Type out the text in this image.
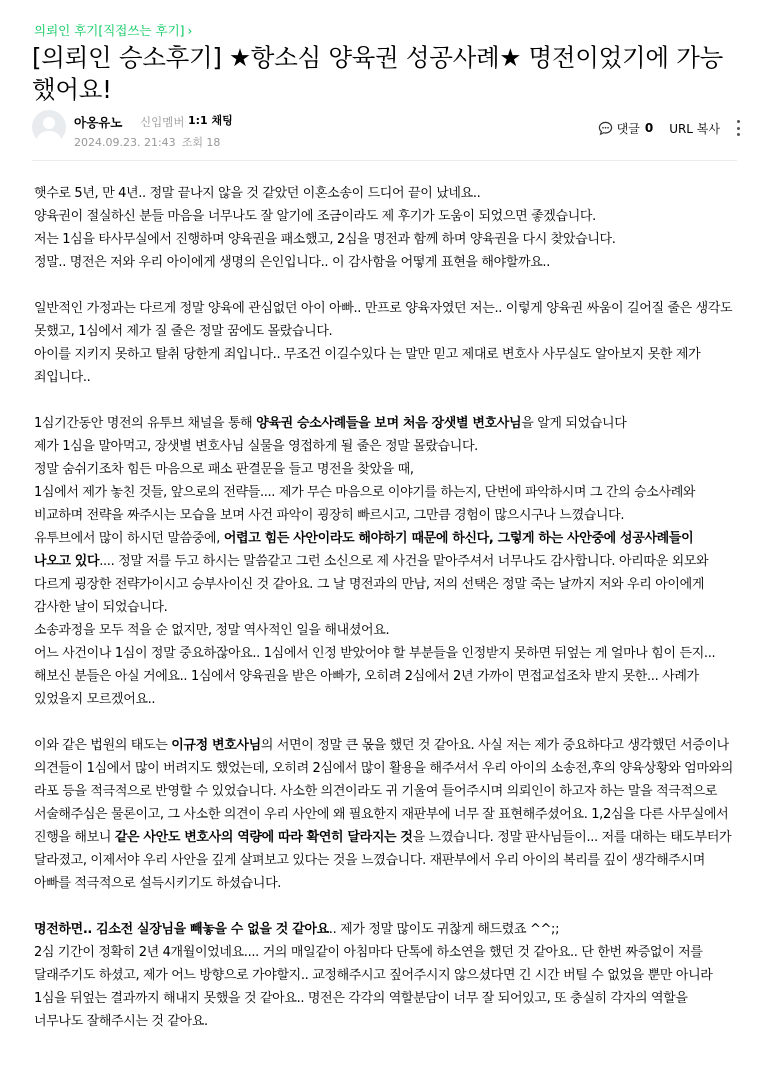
의뢰인 후기[직접쓰는 후기] ›
[의뢰인 승소후기] ★항소심 양육권 성공사례★ 명전이었기에 가능했어요!
아옹유노 신입멤버 1:1 채팅
2024.09.23. 21:43 조회 18
댓글 0 URL 복사

햇수로 5년, 만 4년.. 정말 끝나지 않을 것 같았던 이혼소송이 드디어 끝이 났네요..

양육권이 절실하신 분들 마음을 너무나도 잘 알기에 조금이라도 제 후기가 도움이 되었으면 좋겠습니다.

저는 1심을 타사무실에서 진행하며 양육권을 패소했고, 2심을 명전과 함께 하며 양육권을 다시 찾았습니다.

정말.. 명전은 저와 우리 아이에게 생명의 은인입니다.. 이 감사함을 어떻게 표현을 해야할까요..

일반적인 가정과는 다르게 정말 양육에 관심없던 아이 아빠.. 만프로 양육자였던 저는.. 이렇게 양육권 싸움이 길어질 줄은 생각도 못했고, 1심에서 제가 질 줄은 정말 꿈에도 몰랐습니다.

아이를 지키지 못하고 탈취 당한게 죄입니다.. 무조건 이길수있다 는 말만 믿고 제대로 변호사 사무실도 알아보지 못한 제가 죄입니다..

1심기간동안 명전의 유투브 채널을 통해 양육권 승소사례들을 보며 처음 장샛별 변호사님을 알게 되었습니다

제가 1심을 말아먹고, 장샛별 변호사님 실물을 영접하게 될 줄은 정말 몰랐습니다.

정말 숨쉬기조차 힘든 마음으로 패소 판결문을 들고 명전을 찾았을 때,

1심에서 제가 놓친 것들, 앞으로의 전략들.... 제가 무슨 마음으로 이야기를 하는지, 단번에 파악하시며 그 간의 승소사례와 비교하며 전략을 짜주시는 모습을 보며 사건 파악이 굉장히 빠르시고, 그만큼 경험이 많으시구나 느꼈습니다.

유투브에서 많이 하시던 말씀중에, 어렵고 힘든 사안이라도 해야하기 때문에 하신다, 그렇게 하는 사안중에 성공사례들이 나오고 있다.... 정말 저를 두고 하시는 말씀같고 그런 소신으로 제 사건을 맡아주셔서 너무나도 감사합니다. 아리따운 외모와 다르게 굉장한 전략가이시고 승부사이신 것 같아요. 그 날 명전과의 만남, 저의 선택은 정말 죽는 날까지 저와 우리 아이에게 감사한 날이 되었습니다.

소송과정을 모두 적을 순 없지만, 정말 역사적인 일을 해내셨어요.

어느 사건이나 1심이 정말 중요하잖아요.. 1심에서 인정 받았어야 할 부분들을 인정받지 못하면 뒤엎는 게 얼마나 힘이 든지... 해보신 분들은 아실 거에요.. 1심에서 양육권을 받은 아빠가, 오히려 2심에서 2년 가까이 면접교섭조차 받지 못한... 사례가 있었을지 모르겠어요..

이와 같은 법원의 태도는 이규정 변호사님의 서면이 정말 큰 몫을 했던 것 같아요. 사실 저는 제가 중요하다고 생각했던 서증이나 의견들이 1심에서 많이 버려지도 했었는데, 오히려 2심에서 많이 활용을 해주셔서 우리 아이의 소송전,후의 양육상황와 엄마와의 라포 등을 적극적으로 반영할 수 있었습니다. 사소한 의견이라도 귀 기울여 들어주시며 의뢰인이 하고자 하는 말을 적극적으로 서술해주심은 물론이고, 그 사소한 의견이 우리 사안에 왜 필요한지 재판부에 너무 잘 표현해주셨어요. 1,2심을 다른 사무실에서 진행을 해보니 같은 사안도 변호사의 역량에 따라 확연히 달라지는 것을 느꼈습니다. 정말 판사님들이... 저를 대하는 태도부터가 달라졌고, 이제서야 우리 사안을 깊게 살펴보고 있다는 것을 느꼈습니다. 재판부에서 우리 아이의 복리를 깊이 생각해주시며 아빠를 적극적으로 설득시키기도 하셨습니다.

명전하면.. 김소전 실장님을 빼놓을 수 없을 것 같아요.. 제가 정말 많이도 귀찮게 해드렸죠 ^^;;

2심 기간이 정확히 2년 4개월이었네요.... 거의 매일같이 아침마다 단톡에 하소연을 했던 것 같아요.. 단 한번 짜증없이 저를 달래주기도 하셨고, 제가 어느 방향으로 가야할지.. 교정해주시고 짚어주시지 않으셨다면 긴 시간 버틸 수 없었을 뿐만 아니라 1심을 뒤엎는 결과까지 해내지 못했을 것 같아요.. 명전은 각각의 역할분담이 너무 잘 되어있고, 또 충실히 각자의 역할을 너무나도 잘해주시는 것 같아요.
